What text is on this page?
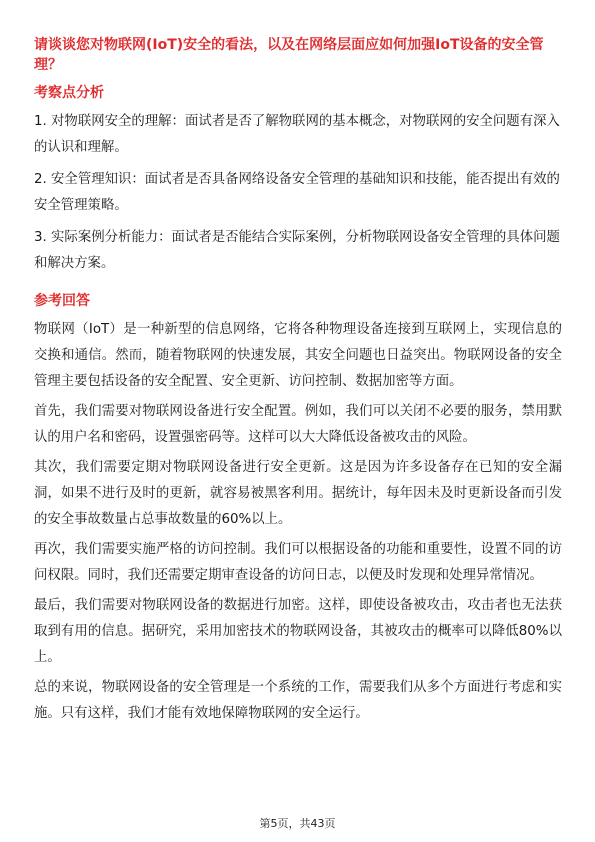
请谈谈您对物联网(IoT)安全的看法，以及在网络层面应如何加强IoT设备的安全管理？

考察点分析

1. 对物联网安全的理解：面试者是否了解物联网的基本概念，对物联网的安全问题有深入的认识和理解。

2. 安全管理知识：面试者是否具备网络设备安全管理的基础知识和技能，能否提出有效的安全管理策略。

3. 实际案例分析能力：面试者是否能结合实际案例，分析物联网设备安全管理的具体问题和解决方案。

参考回答

物联网（IoT）是一种新型的信息网络，它将各种物理设备连接到互联网上，实现信息的交换和通信。然而，随着物联网的快速发展，其安全问题也日益突出。物联网设备的安全管理主要包括设备的安全配置、安全更新、访问控制、数据加密等方面。

首先，我们需要对物联网设备进行安全配置。例如，我们可以关闭不必要的服务，禁用默认的用户名和密码，设置强密码等。这样可以大大降低设备被攻击的风险。

其次，我们需要定期对物联网设备进行安全更新。这是因为许多设备存在已知的安全漏洞，如果不进行及时的更新，就容易被黑客利用。据统计，每年因未及时更新设备而引发的安全事故数量占总事故数量的60%以上。

再次，我们需要实施严格的访问控制。我们可以根据设备的功能和重要性，设置不同的访问权限。同时，我们还需要定期审查设备的访问日志，以便及时发现和处理异常情况。

最后，我们需要对物联网设备的数据进行加密。这样，即使设备被攻击，攻击者也无法获取到有用的信息。据研究，采用加密技术的物联网设备，其被攻击的概率可以降低80%以上。

总的来说，物联网设备的安全管理是一个系统的工作，需要我们从多个方面进行考虑和实施。只有这样，我们才能有效地保障物联网的安全运行。

第5页，共43页
